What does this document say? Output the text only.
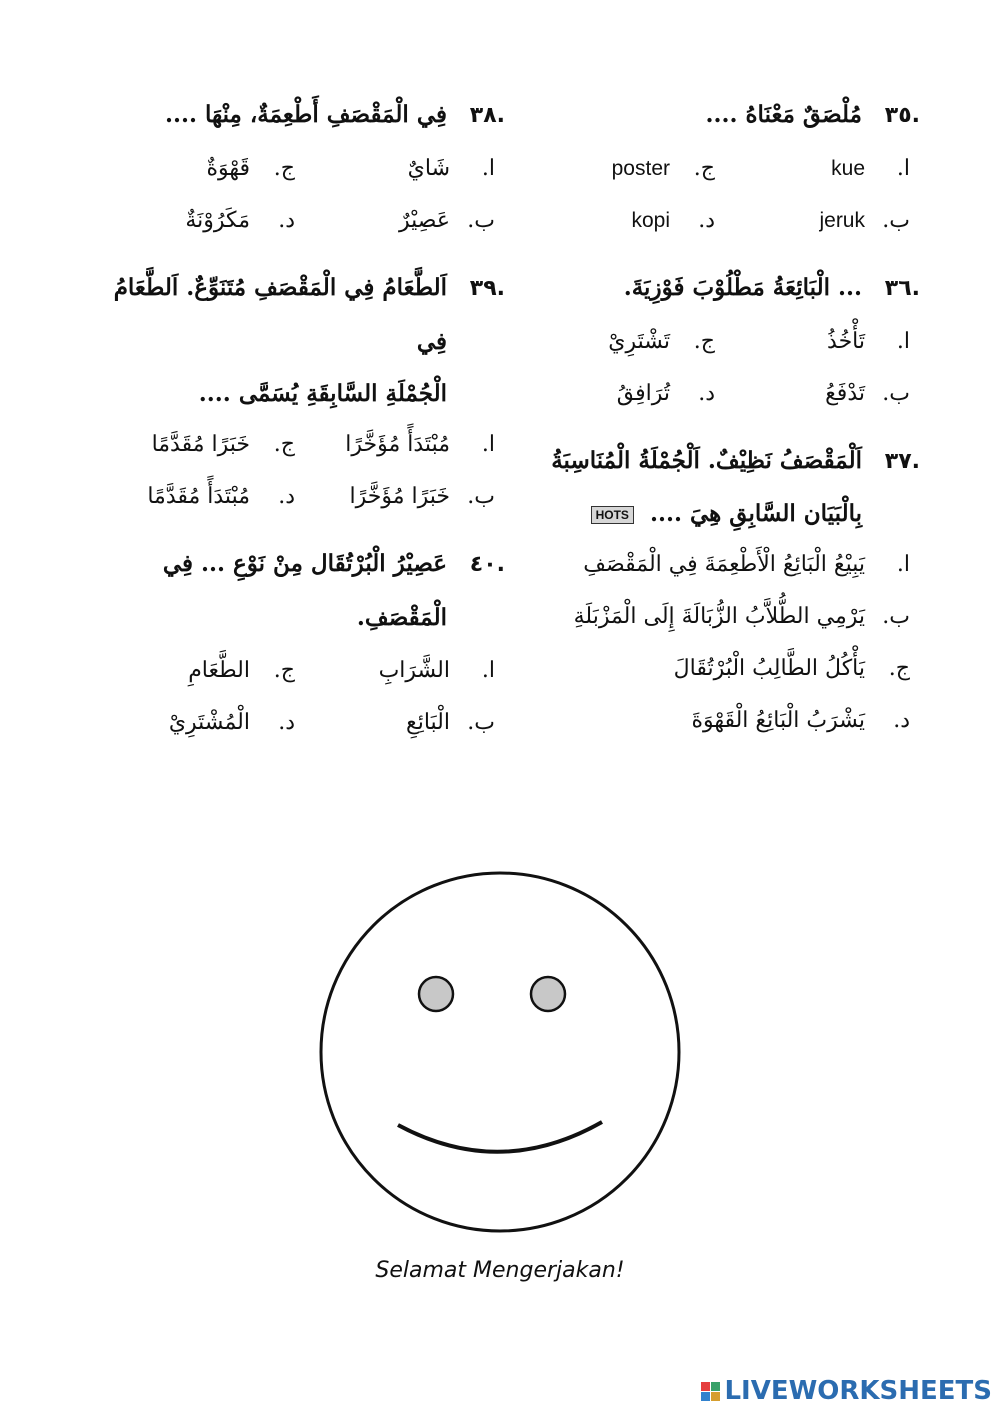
.٣٥
مُلْصَقٌ مَعْنَاهُ ....
ا.
kue
ج.
poster
ب.
jeruk
د.
kopi
.٣٦
... الْبَائِعَةُ مَطْلُوْبَ فَوْزِيَةَ.
ا.
تَأْخُذُ
ج.
تَشْتَرِيْ
ب.
تَدْفَعُ
د.
تُرَافِقُ
.٣٧
اَلْمَقْصَفُ نَظِيْفٌ. اَلْجُمْلَةُ الْمُنَاسِبَةُ
بِالْبَيَان السَّابِقِ هِيَ .... HOTS
ا.
يَبِيْعُ الْبَائِعُ الْأَطْعِمَةَ فِي الْمَقْصَفِ
ب.
يَرْمِي الطُّلاَّبُ الزُّبَالَةَ إِلَى الْمَزْبَلَةِ
ج.
يَأْكُلُ الطَّالِبُ الْبُرْتُقَالَ
د.
يَشْرَبُ الْبَائِعُ الْقَهْوَةَ
.٣٨
فِي الْمَقْصَفِ أَطْعِمَةٌ، مِنْهَا ....
ا.
شَايٌ
ج.
قَهْوَةٌ
ب.
عَصِيْرٌ
د.
مَكَرُوْنَةٌ
.٣٩
اَلطَّعَامُ فِي الْمَقْصَفِ مُتَنَوِّعٌ. اَلطَّعَامُ فِي
الْجُمْلَةِ السَّابِقَةِ يُسَمَّى ....
ا.
مُبْتَدَأً مُؤَخَّرًا
ج.
خَبَرًا مُقَدَّمًا
ب.
خَبَرًا مُؤَخَّرًا
د.
مُبْتَدَأً مُقَدَّمًا
.٤٠
عَصِيْرُ الْبُرْتُقَال مِنْ نَوْعِ ... فِي الْمَقْصَفِ.
ا.
الشَّرَابِ
ج.
الطَّعَامِ
ب.
الْبَائِعِ
د.
الْمُشْتَرِيْ
Selamat Mengerjakan!
LIVEWORKSHEETS
